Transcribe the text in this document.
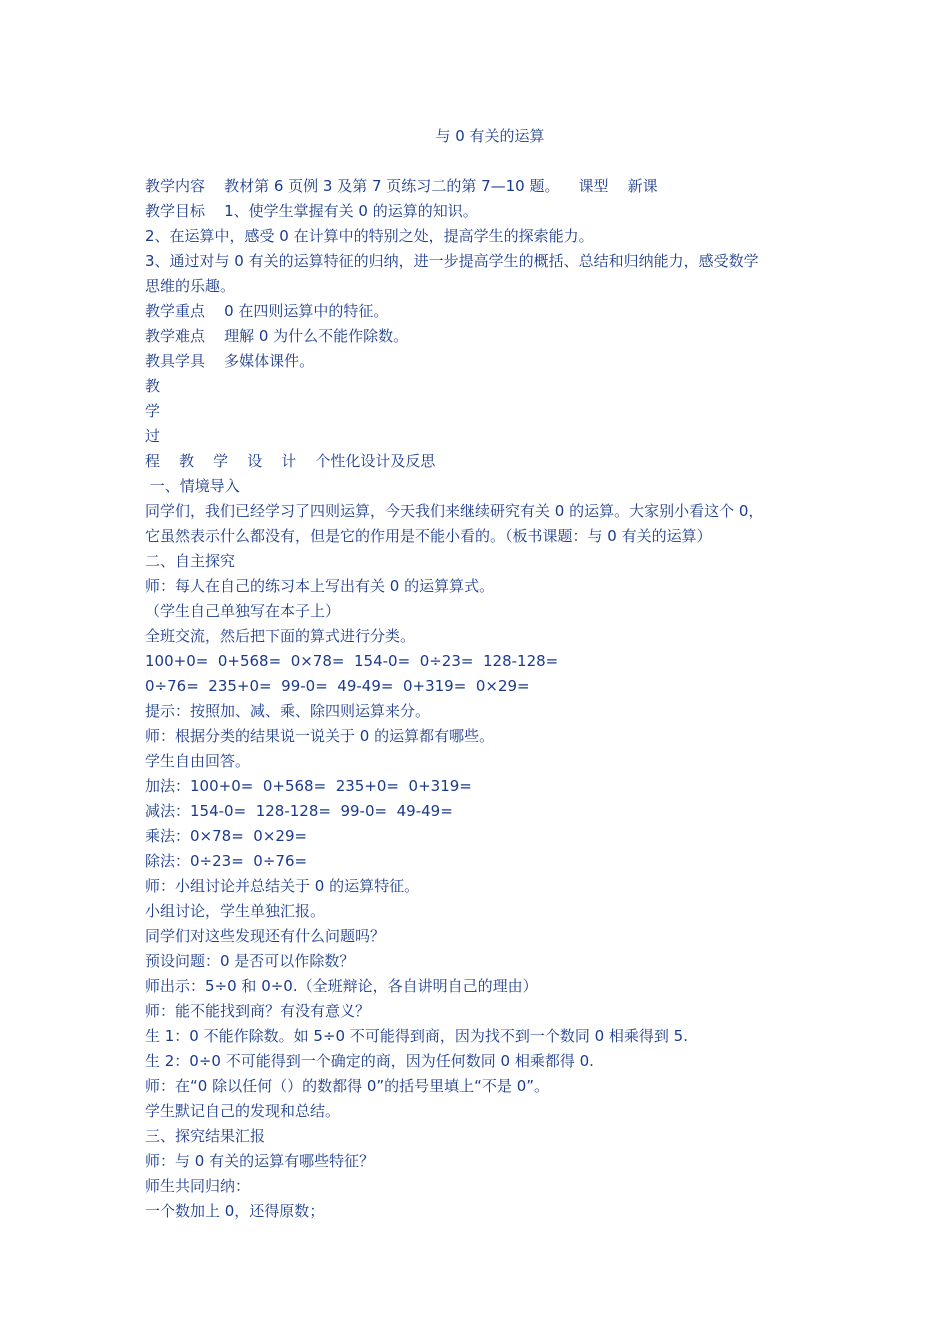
与 0 有关的运算
教学内容    教材第 6 页例 3 及第 7 页练习二的第 7—10 题。    课型    新课
教学目标    1、使学生掌握有关 0 的运算的知识。
2、在运算中，感受 0 在计算中的特别之处，提高学生的探索能力。
3、通过对与 0 有关的运算特征的归纳，进一步提高学生的概括、总结和归纳能力，感受数学
思维的乐趣。
教学重点    0 在四则运算中的特征。
教学难点    理解 0 为什么不能作除数。
教具学具    多媒体课件。
教
学
过
程    教    学    设    计    个性化设计及反思
一、情境导入
同学们，我们已经学习了四则运算，今天我们来继续研究有关 0 的运算。大家别小看这个 0，
它虽然表示什么都没有，但是它的作用是不能小看的。（板书课题：与 0 有关的运算）
二、自主探究
师：每人在自己的练习本上写出有关 0 的运算算式。
（学生自己单独写在本子上）
全班交流，然后把下面的算式进行分类。
100+0=  0+568=  0×78=  154-0=  0÷23=  128-128=
0÷76=  235+0=  99-0=  49-49=  0+319=  0×29=
提示：按照加、减、乘、除四则运算来分。
师：根据分类的结果说一说关于 0 的运算都有哪些。
学生自由回答。
加法：100+0=  0+568=  235+0=  0+319=
减法：154-0=  128-128=  99-0=  49-49=
乘法：0×78=  0×29=
除法：0÷23=  0÷76=
师：小组讨论并总结关于 0 的运算特征。
小组讨论，学生单独汇报。
同学们对这些发现还有什么问题吗？
预设问题：0 是否可以作除数？
师出示：5÷0 和 0÷0.（全班辩论，各自讲明自己的理由）
师：能不能找到商？有没有意义？
生 1：0 不能作除数。如 5÷0 不可能得到商，因为找不到一个数同 0 相乘得到 5.
生 2：0÷0 不可能得到一个确定的商，因为任何数同 0 相乘都得 0.
师：在“0 除以任何（）的数都得 0”的括号里填上“不是 0”。
学生默记自己的发现和总结。
三、探究结果汇报
师：与 0 有关的运算有哪些特征？
师生共同归纳：
一个数加上 0，还得原数；
